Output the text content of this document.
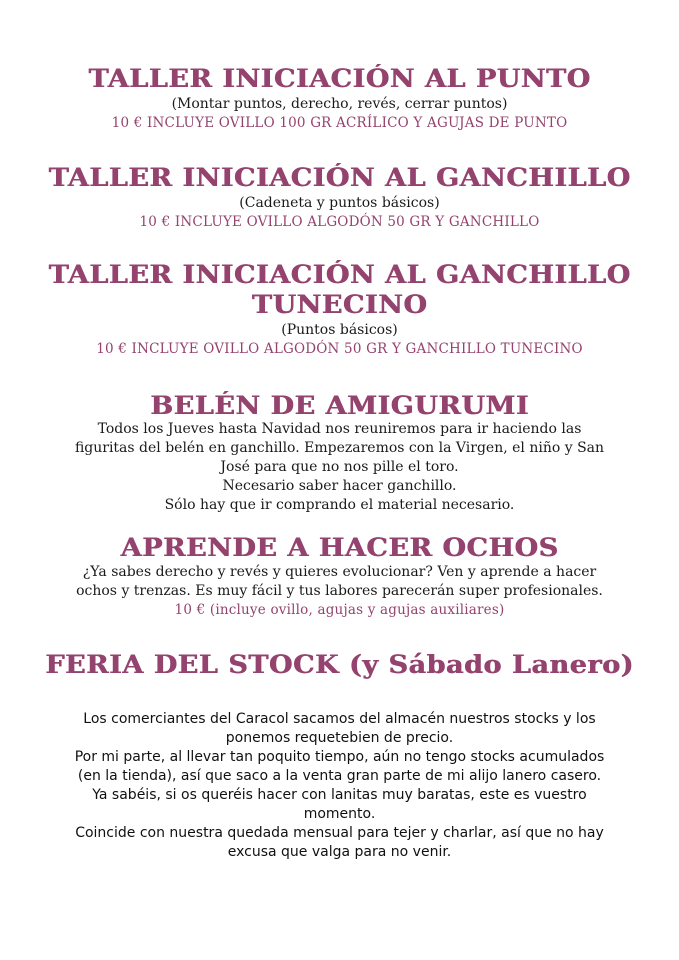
TALLER INICIACIÓN AL PUNTO
(Montar puntos, derecho, revés, cerrar puntos)
10 € INCLUYE OVILLO 100 GR ACRÍLICO Y AGUJAS DE PUNTO
TALLER INICIACIÓN AL GANCHILLO
(Cadeneta y puntos básicos)
10 € INCLUYE OVILLO ALGODÓN 50 GR Y GANCHILLO
TALLER INICIACIÓN AL GANCHILLO
TUNECINO
(Puntos básicos)
10 € INCLUYE OVILLO ALGODÓN 50 GR Y GANCHILLO TUNECINO
BELÉN DE AMIGURUMI
Todos los Jueves hasta Navidad nos reuniremos para ir haciendo las
figuritas del belén en ganchillo. Empezaremos con la Virgen, el niño y San
José para que no nos pille el toro.
Necesario saber hacer ganchillo.
Sólo hay que ir comprando el material necesario.
APRENDE A HACER OCHOS
¿Ya sabes derecho y revés y quieres evolucionar? Ven y aprende a hacer
ochos y trenzas. Es muy fácil y tus labores parecerán super profesionales.
10 € (incluye ovillo, agujas y agujas auxiliares)
FERIA DEL STOCK (y Sábado Lanero)
Los comerciantes del Caracol sacamos del almacén nuestros stocks y los
ponemos requetebien de precio.
Por mi parte, al llevar tan poquito tiempo, aún no tengo stocks acumulados
(en la tienda), así que saco a la venta gran parte de mi alijo lanero casero.
Ya sabéis, si os queréis hacer con lanitas muy baratas, este es vuestro
momento.
Coincide con nuestra quedada mensual para tejer y charlar, así que no hay
excusa que valga para no venir.
